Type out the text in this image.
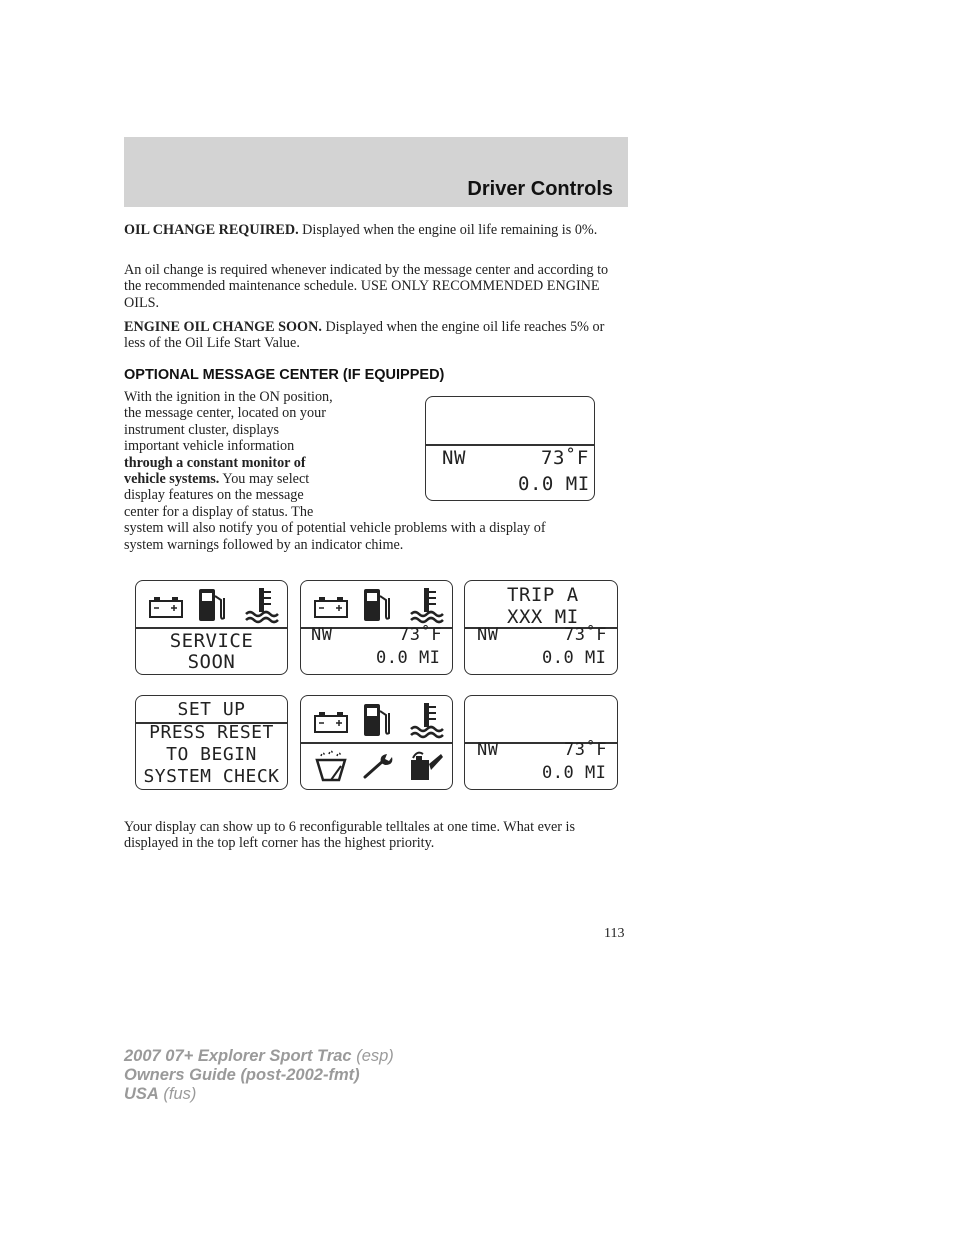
Driver Controls

OIL CHANGE REQUIRED. Displayed when the engine oil life remaining is 0%.

An oil change is required whenever indicated by the message center and according to the recommended maintenance schedule. USE ONLY RECOMMENDED ENGINE OILS.

ENGINE OIL CHANGE SOON. Displayed when the engine oil life reaches 5% or less of the Oil Life Start Value.

OPTIONAL MESSAGE CENTER (IF EQUIPPED)
With the ignition in the ON position,
the message center, located on your
instrument cluster, displays
important vehicle information
through a constant monitor of
vehicle systems. You may select
display features on the message
center for a display of status. The
system will also notify you of potential vehicle problems with a display of
system warnings followed by an indicator chime.
NW	73˚F
0.0 MI
SERVICE
SOON
NW	73˚F
0.0 MI
TRIP A
XXX MI
NW	73˚F
0.0 MI
SET UP
PRESS RESET
TO BEGIN
SYSTEM CHECK
NW	73˚F
0.0 MI

Your display can show up to 6 reconfigurable telltales at one time. What ever is displayed in the top left corner has the highest priority.

113
2007 07+ Explorer Sport Trac (esp)
Owners Guide (post-2002-fmt)
USA (fus)
